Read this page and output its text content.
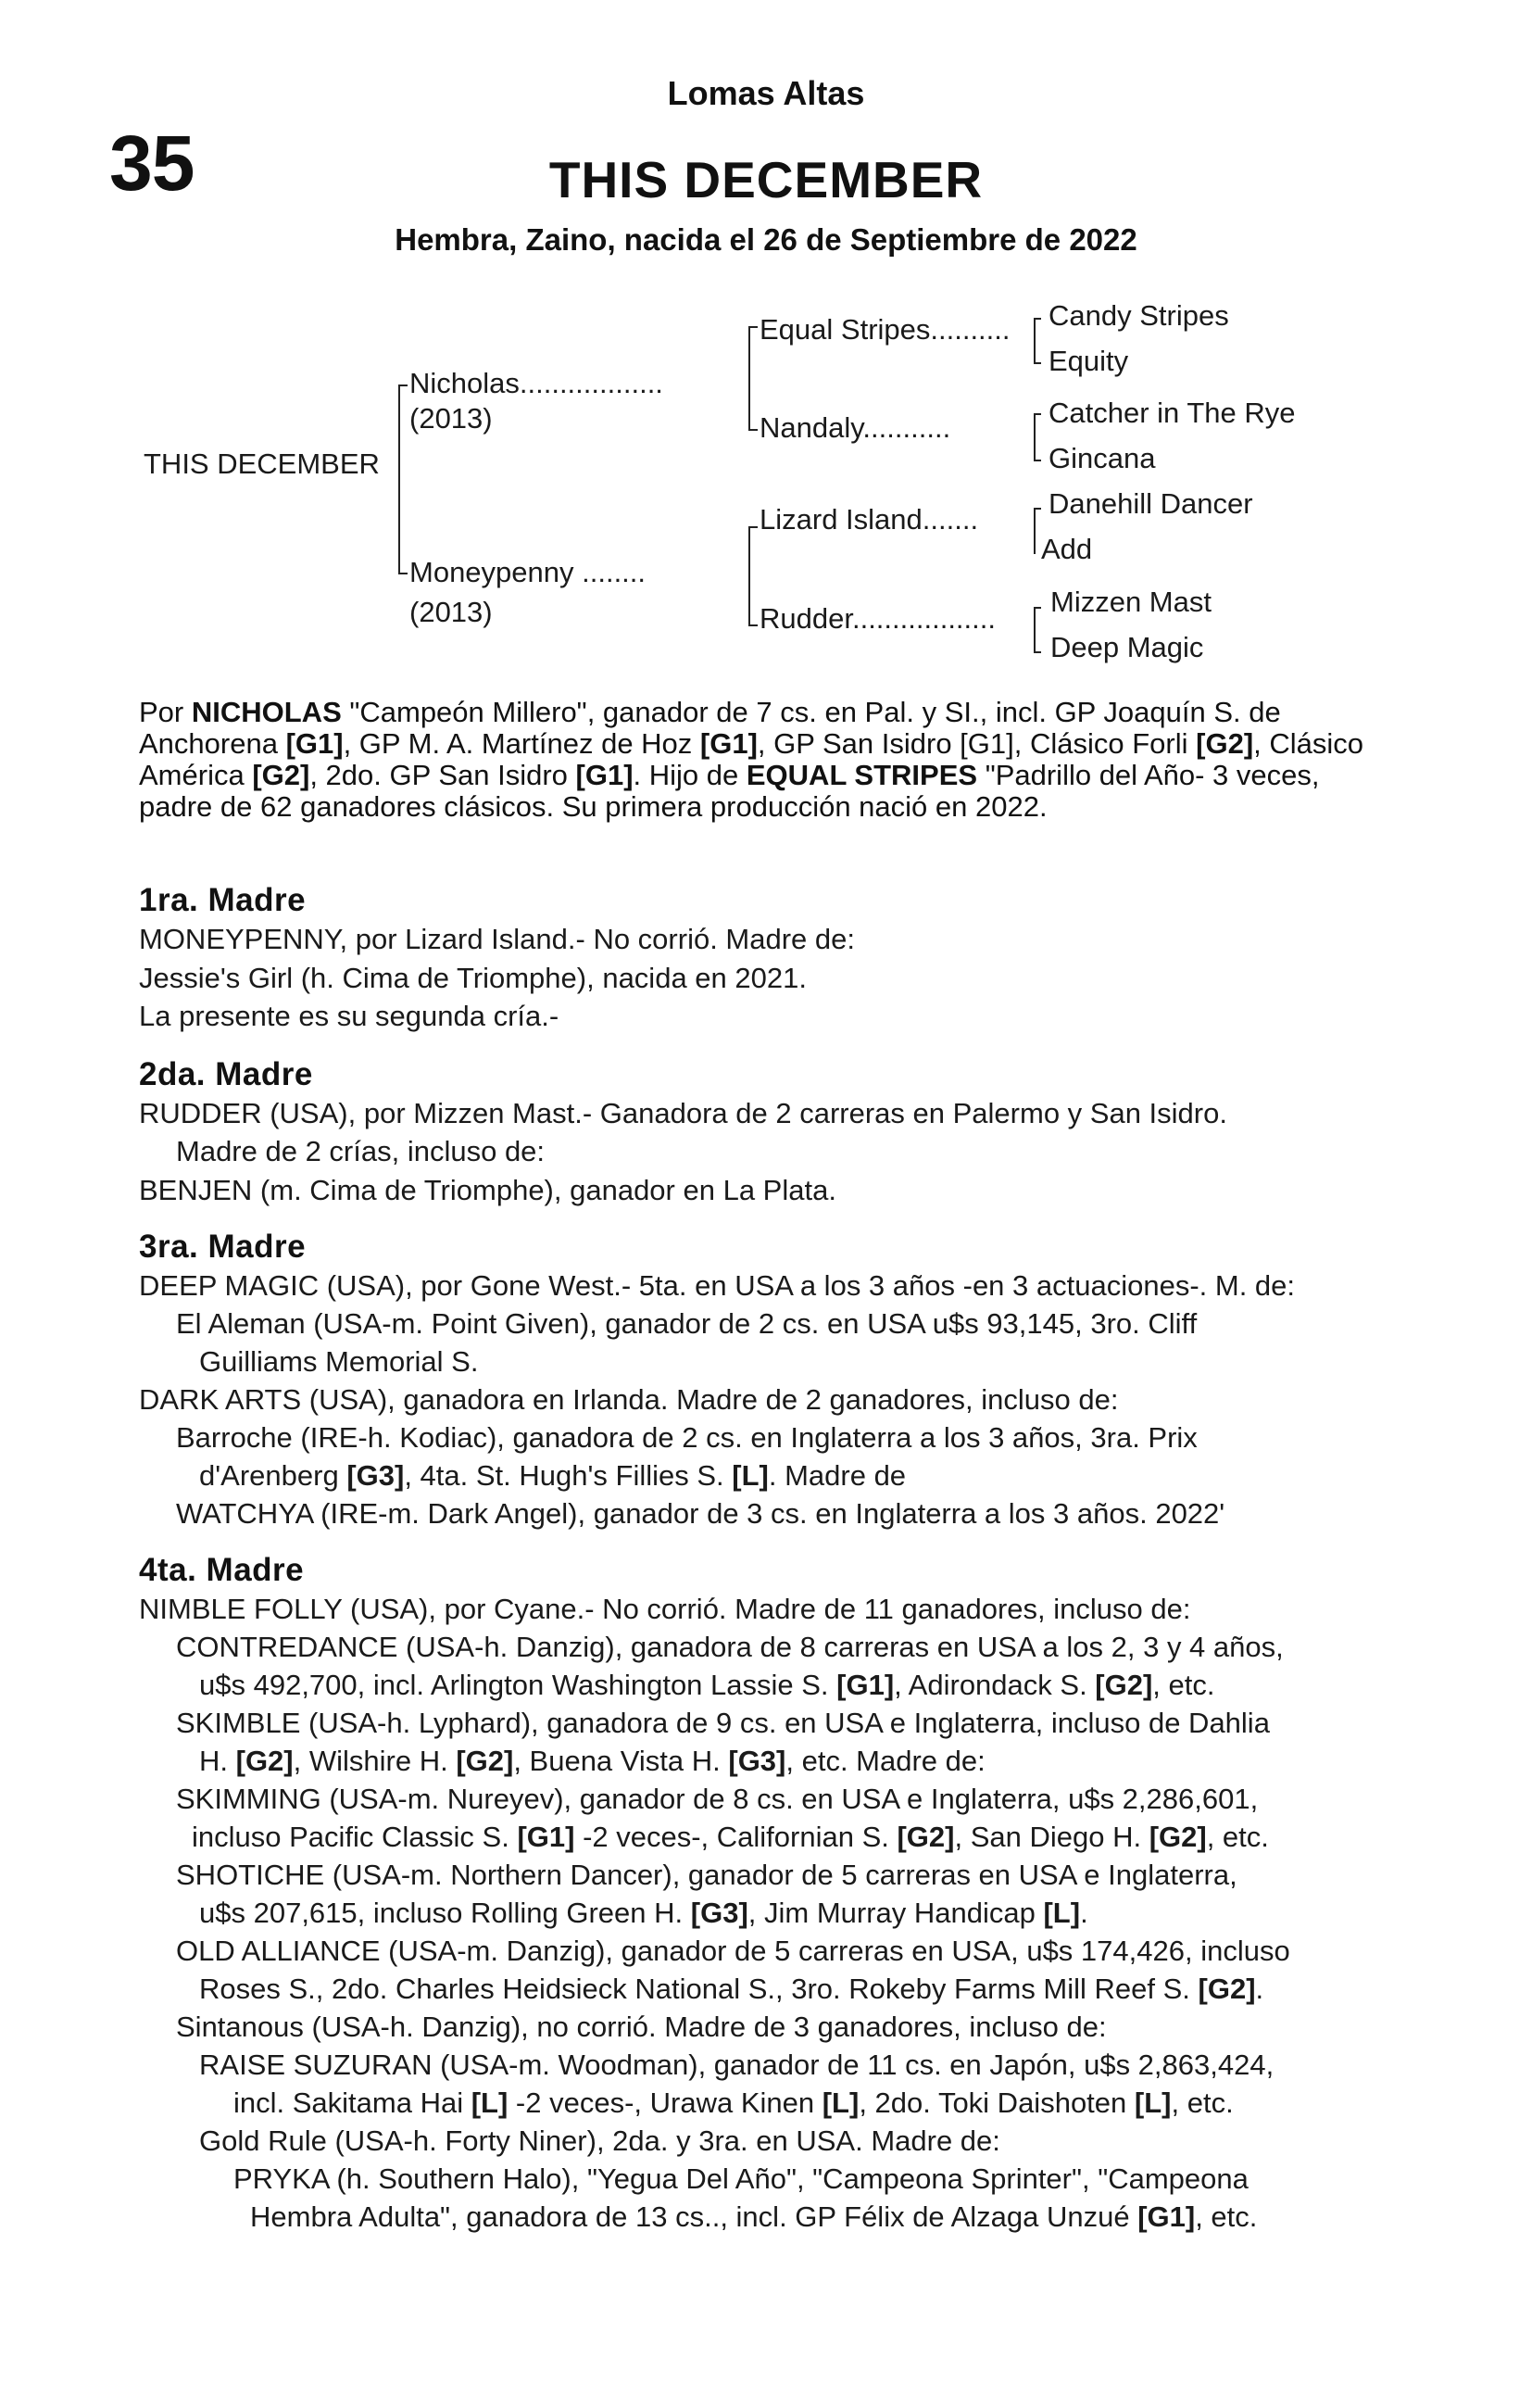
35
Lomas Altas
THIS DECEMBER
Hembra, Zaino, nacida el 26 de Septiembre de 2022
THIS DECEMBER
Nicholas..................
(2013)
Moneypenny ........
(2013)
Equal Stripes..........
Nandaly...........
Lizard Island.......
Rudder..................
Candy Stripes
Equity
Catcher in The Rye
Gincana
Danehill Dancer
Add
Mizzen Mast
Deep Magic
Por NICHOLAS "Campeón Millero", ganador de 7 cs. en Pal. y SI., incl. GP Joaquín S. de Anchorena [G1], GP M. A. Martínez de Hoz [G1], GP San Isidro [G1], Clásico Forli [G2], Clásico América [G2], 2do. GP San Isidro [G1]. Hijo de EQUAL STRIPES "Padrillo del Año- 3 veces, padre de 62 ganadores clásicos. Su primera producción nació en 2022.
1ra. Madre
MONEYPENNY, por Lizard Island.- No corrió. Madre de:
Jessie's Girl (h. Cima de Triomphe), nacida en 2021.
La presente es su segunda cría.-
2da. Madre
RUDDER (USA), por Mizzen Mast.- Ganadora de 2 carreras en Palermo y San Isidro.
Madre de 2 crías, incluso de:
BENJEN (m. Cima de Triomphe), ganador en La Plata.
3ra. Madre
DEEP MAGIC (USA), por Gone West.- 5ta. en USA a los 3 años -en 3 actuaciones-. M. de:
El Aleman (USA-m. Point Given), ganador de 2 cs. en USA u$s 93,145, 3ro. Cliff
Guilliams Memorial S.
DARK ARTS (USA), ganadora en Irlanda. Madre de 2 ganadores, incluso de:
Barroche (IRE-h. Kodiac), ganadora de 2 cs. en Inglaterra a los 3 años, 3ra. Prix
d'Arenberg [G3], 4ta. St. Hugh's Fillies S. [L]. Madre de
WATCHYA (IRE-m. Dark Angel), ganador de 3 cs. en Inglaterra a los 3 años. 2022'
4ta. Madre
NIMBLE FOLLY (USA), por Cyane.- No corrió. Madre de 11 ganadores, incluso de:
CONTREDANCE (USA-h. Danzig), ganadora de 8 carreras en USA a los 2, 3 y 4 años,
u$s 492,700, incl. Arlington Washington Lassie S. [G1], Adirondack S. [G2], etc.
SKIMBLE (USA-h. Lyphard), ganadora de 9 cs. en USA e Inglaterra, incluso de Dahlia
H. [G2], Wilshire H. [G2], Buena Vista H. [G3], etc. Madre de:
SKIMMING (USA-m. Nureyev), ganador de 8 cs. en USA e Inglaterra, u$s 2,286,601,
incluso Pacific Classic S. [G1] -2 veces-, Californian S. [G2], San Diego H. [G2], etc.
SHOTICHE (USA-m. Northern Dancer), ganador de 5 carreras en USA e Inglaterra,
u$s 207,615, incluso Rolling Green H. [G3], Jim Murray Handicap [L].
OLD ALLIANCE (USA-m. Danzig), ganador de 5 carreras en USA, u$s 174,426, incluso
Roses S., 2do. Charles Heidsieck National S., 3ro. Rokeby Farms Mill Reef S. [G2].
Sintanous (USA-h. Danzig), no corrió. Madre de 3 ganadores, incluso de:
RAISE SUZURAN (USA-m. Woodman), ganador de 11 cs. en Japón, u$s 2,863,424,
incl. Sakitama Hai [L] -2 veces-, Urawa Kinen [L], 2do. Toki Daishoten [L], etc.
Gold Rule (USA-h. Forty Niner), 2da. y 3ra. en USA. Madre de:
PRYKA (h. Southern Halo), "Yegua Del Año", "Campeona Sprinter", "Campeona
Hembra Adulta", ganadora de 13 cs.., incl. GP Félix de Alzaga Unzué [G1], etc.
